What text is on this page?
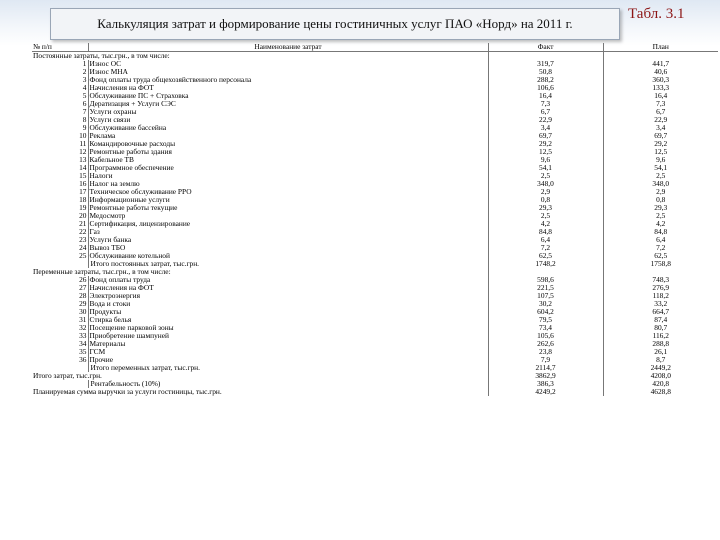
Калькуляция затрат и формирование цены гостиничных услуг ПАО «Норд» на 2011 г.
Табл. 3.1
№ п/п	Наименование затрат	Факт	План
Постоянные затраты, тыс.грн., в том числе:			
1	Износ ОС	319,7	441,7
2	Износ МНА	50,8	40,6
3	Фонд оплаты труда общехозяйственного персонала	288,2	360,3
4	Начисления на ФОТ	106,6	133,3
5	Обслуживание ПС + Страховка	16,4	16,4
6	Дератизация + Услуги СЭС	7,3	7,3
7	Услуги охраны	6,7	6,7
8	Услуги связи	22,9	22,9
9	Обслуживание бассейна	3,4	3,4
10	Реклама	69,7	69,7
11	Командировочные расходы	29,2	29,2
12	Ремонтные работы здания	12,5	12,5
13	Кабельное ТВ	9,6	9,6
14	Программное обеспечение	54,1	54,1
15	Налоги	2,5	2,5
16	Налог на землю	348,0	348,0
17	Техническое обслуживание РРО	2,9	2,9
18	Информационные услуги	0,8	0,8
19	Ремонтные работы текущие	29,3	29,3
20	Медосмотр	2,5	2,5
21	Сертификация, лицензирование	4,2	4,2
22	Газ	84,8	84,8
23	Услуги банка	6,4	6,4
24	Вывоз ТБО	7,2	7,2
25	Обслуживание котельной	62,5	62,5
	Итого постоянных затрат, тыс.грн.	1748,2	1758,8
Переменные затраты, тыс.грн., в том числе:			
26	Фонд оплаты труда	598,6	748,3
27	Начисления на ФОТ	221,5	276,9
28	Электроэнергия	107,5	118,2
29	Вода и стоки	30,2	33,2
30	Продукты	604,2	664,7
31	Стирка белья	79,5	87,4
32	Посещение парковой зоны	73,4	80,7
33	Приобретение шампуней	105,6	116,2
34	Материалы	262,6	288,8
35	ГСМ	23,8	26,1
36	Прочие	7,9	8,7
	Итого переменных затрат, тыс.грн.	2114,7	2449,2
Итого затрат, тыс.грн.		3862,9	4208,0
	Рентабельность (10%)	386,3	420,8
Планируемая сумма выручки за услуги гостиницы, тыс.грн.		4249,2	4628,8
